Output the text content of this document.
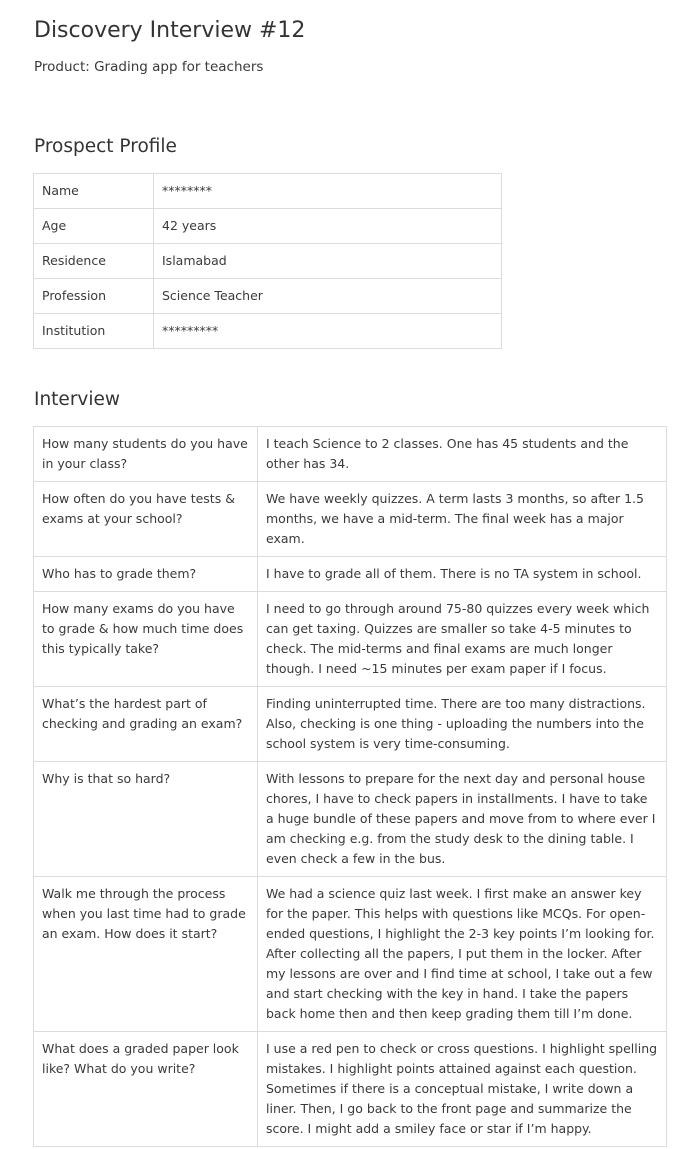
Discovery Interview #12

Product: Grading app for teachers

Prospect Profile
Name	********
Age	42 years
Residence	Islamabad
Profession	Science Teacher
Institution	*********
Interview
How many students do you have in your class?	I teach Science to 2 classes. One has 45 students and the other has 34.
How often do you have tests & exams at your school?	We have weekly quizzes. A term lasts 3 months, so after 1.5 months, we have a mid-term. The final week has a major exam.
Who has to grade them?	I have to grade all of them. There is no TA system in school.
How many exams do you have to grade & how much time does this typically take?	I need to go through around 75-80 quizzes every week which can get taxing. Quizzes are smaller so take 4-5 minutes to check. The mid-terms and final exams are much longer though. I need ~15 minutes per exam paper if I focus.
What’s the hardest part of checking and grading an exam?	Finding uninterrupted time. There are too many distractions. Also, checking is one thing - uploading the numbers into the school system is very time-consuming.
Why is that so hard?	With lessons to prepare for the next day and personal house chores, I have to check papers in installments. I have to take a huge bundle of these papers and move from to where ever I am checking e.g. from the study desk to the dining table. I even check a few in the bus.
Walk me through the process when you last time had to grade an exam. How does it start?	We had a science quiz last week. I first make an answer key for the paper. This helps with questions like MCQs. For open-ended questions, I highlight the 2-3 key points I’m looking for. After collecting all the papers, I put them in the locker. After my lessons are over and I find time at school, I take out a few and start checking with the key in hand. I take the papers back home then and then keep grading them till I’m done.
What does a graded paper look like? What do you write?	I use a red pen to check or cross questions. I highlight spelling mistakes. I highlight points attained against each question. Sometimes if there is a conceptual mistake, I write down a liner. Then, I go back to the front page and summarize the score. I might add a smiley face or star if I’m happy.
